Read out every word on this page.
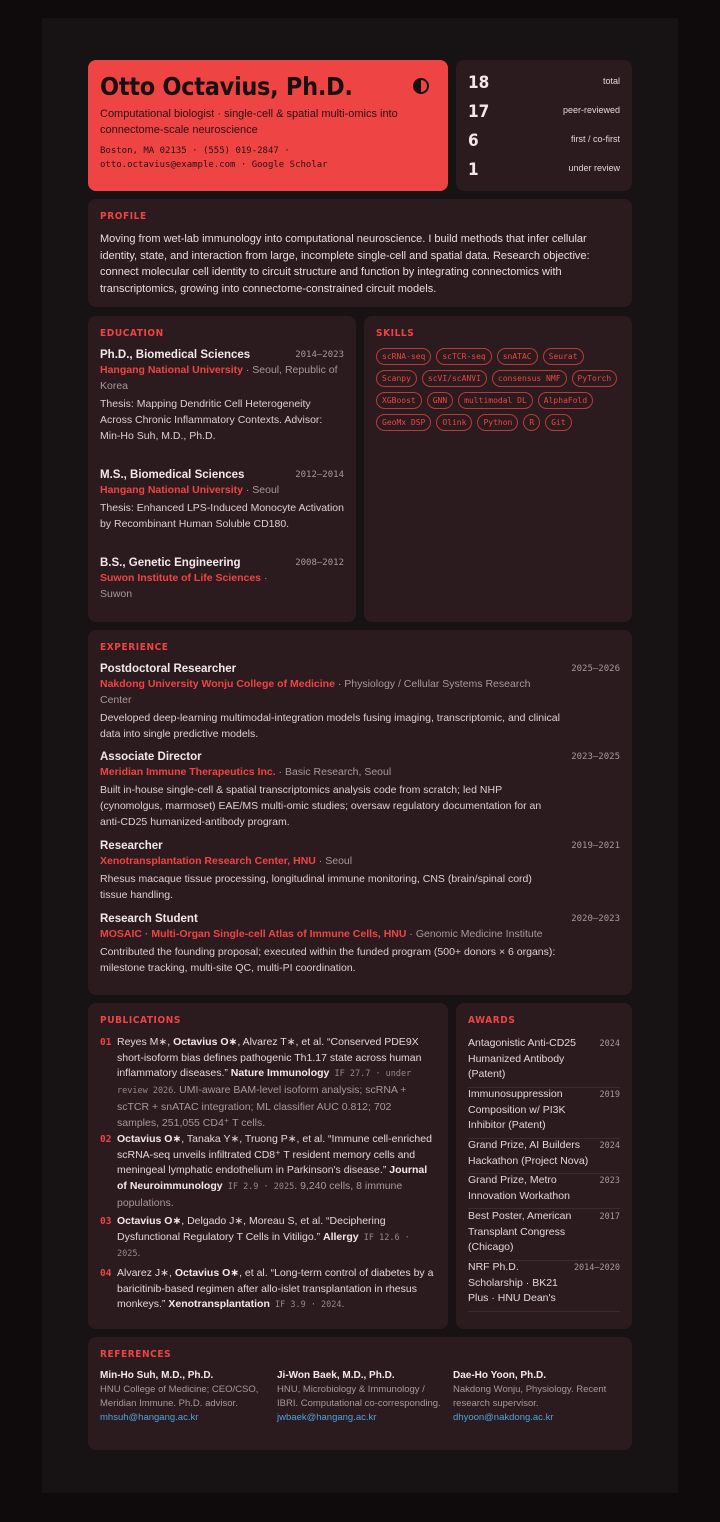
Otto Octavius, Ph.D.
Computational biologist · single-cell & spatial multi-omics into connectome-scale neuroscience
Boston, MA 02135 · (555) 019-2847 · otto.octavius@example.com · Google Scholar
18	total
17	peer-reviewed
6	first / co-first
1	under review
PROFILE

Moving from wet-lab immunology into computational neuroscience. I build methods that infer cellular identity, state, and interaction from large, incomplete single-cell and spatial data. Research objective: connect molecular cell identity to circuit structure and function by integrating connectomics with transcriptomics, growing into connectome-constrained circuit models.

EDUCATION
Ph.D., Biomedical Sciences	2014–2023
Hangang National University · Seoul, Republic of Korea
Thesis: Mapping Dendritic Cell Heterogeneity Across Chronic Inflammatory Contexts. Advisor: Min-Ho Suh, M.D., Ph.D.
M.S., Biomedical Sciences	2012–2014
Hangang National University · Seoul
Thesis: Enhanced LPS-Induced Monocyte Activation by Recombinant Human Soluble CD180.
B.S., Genetic Engineering	2008–2012
Suwon Institute of Life Sciences · Suwon
SKILLS
scRNA-seq	scTCR-seq	snATAC	Seurat
Scanpy	scVI/scANVI	consensus NMF	PyTorch
XGBoost	GNN	multimodal DL	AlphaFold
GeoMx DSP	Olink	Python	R	Git
EXPERIENCE
Postdoctoral Researcher	2025–2026
Nakdong University Wonju College of Medicine · Physiology / Cellular Systems Research Center
Developed deep-learning multimodal-integration models fusing imaging, transcriptomic, and clinical data into single predictive models.
Associate Director	2023–2025
Meridian Immune Therapeutics Inc. · Basic Research, Seoul
Built in-house single-cell & spatial transcriptomics analysis code from scratch; led NHP (cynomolgus, marmoset) EAE/MS multi-omic studies; oversaw regulatory documentation for an anti-CD25 humanized-antibody program.
Researcher	2019–2021
Xenotransplantation Research Center, HNU · Seoul
Rhesus macaque tissue processing, longitudinal immune monitoring, CNS (brain/spinal cord) tissue handling.
Research Student	2020–2023
MOSAIC · Multi-Organ Single-cell Atlas of Immune Cells, HNU · Genomic Medicine Institute
Contributed the founding proposal; executed within the funded program (500+ donors × 6 organs): milestone tracking, multi-site QC, multi-PI coordination.
PUBLICATIONS
01 Reyes M∗, Octavius O∗, Alvarez T∗, et al. “Conserved PDE9X short-isoform bias defines pathogenic Th1.17 state across human inflammatory diseases.” Nature Immunology IF 27.7 · under review 2026. UMI-aware BAM-level isoform analysis; scRNA + scTCR + snATAC integration; ML classifier AUC 0.812; 702 samples, 251,055 CD4⁺ T cells.
02 Octavius O∗, Tanaka Y∗, Truong P∗, et al. “Immune cell-enriched scRNA-seq unveils infiltrated CD8⁺ T resident memory cells and meningeal lymphatic endothelium in Parkinson's disease.” Journal of Neuroimmunology IF 2.9 · 2025. 9,240 cells, 8 immune populations.
03 Octavius O∗, Delgado J∗, Moreau S, et al. “Deciphering Dysfunctional Regulatory T Cells in Vitiligo.” Allergy IF 12.6 · 2025.
04 Alvarez J∗, Octavius O∗, et al. “Long-term control of diabetes by a baricitinib-based regimen after allo-islet transplantation in rhesus monkeys.” Xenotransplantation IF 3.9 · 2024.
AWARDS
Antagonistic Anti-CD25 Humanized Antibody (Patent)
2024
Immunosuppression Composition w/ PI3K Inhibitor (Patent)
2019
Grand Prize, AI Builders Hackathon (Project Nova)
2024
Grand Prize, Metro Innovation Workathon
2023
Best Poster, American Transplant Congress (Chicago)
2017
NRF Ph.D. Scholarship · BK21 Plus · HNU Dean's
2014–2020
REFERENCES
Min-Ho Suh, M.D., Ph.D.
HNU College of Medicine; CEO/CSO, Meridian Immune. Ph.D. advisor.
mhsuh@hangang.ac.kr
Ji-Won Baek, M.D., Ph.D.
HNU, Microbiology & Immunology / IBRI. Computational co-corresponding.
jwbaek@hangang.ac.kr
Dae-Ho Yoon, Ph.D.
Nakdong Wonju, Physiology. Recent research supervisor.
dhyoon@nakdong.ac.kr
